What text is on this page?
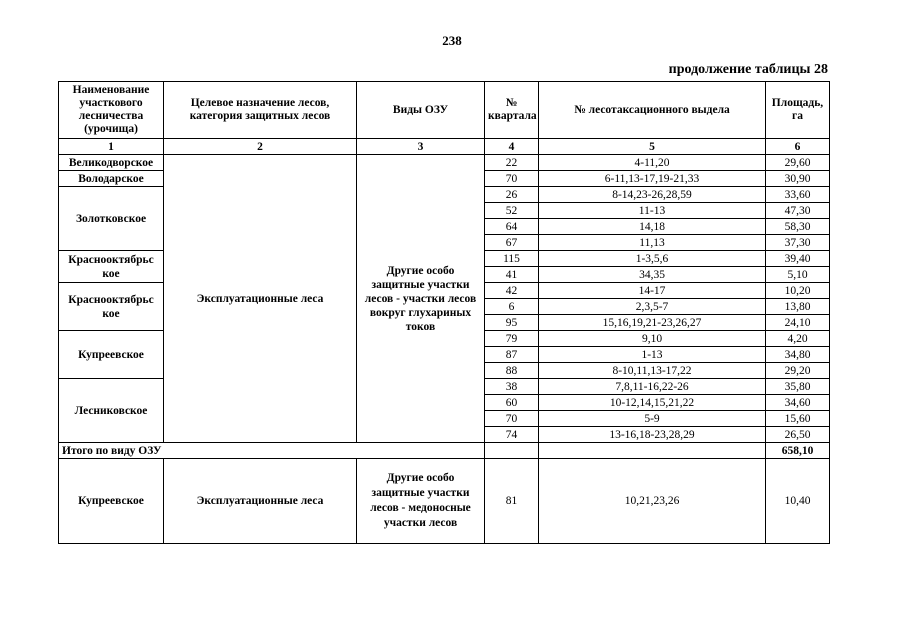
238
продолжение таблицы 28
Наименование участкового лесничества (урочища)	Целевое назначение лесов, категория защитных лесов	Виды ОЗУ	№ квартала	№ лесотаксационного выдела	Площадь, га
1	2	3	4	5	6
Великодворское	Эксплуатационные леса	Другие особо защитные участки лесов - участки лесов вокруг глухариных токов	22	4-11,20	29,60
Володарское			70	6-11,13-17,19-21,33	30,90
Золотковское			26	8-14,23-26,28,59	33,60
			52	11-13	47,30
			64	14,18	58,30
			67	11,13	37,30
Краснооктябрьс кое			115	1-3,5,6	39,40
			41	34,35	5,10
Краснооктябрьс кое			42	14-17	10,20
			6	2,3,5-7	13,80
			95	15,16,19,21-23,26,27	24,10
Купреевское			79	9,10	4,20
			87	1-13	34,80
			88	8-10,11,13-17,22	29,20
Лесниковское			38	7,8,11-16,22-26	35,80
			60	10-12,14,15,21,22	34,60
			70	5-9	15,60
			74	13-16,18-23,28,29	26,50
Итого по виду ОЗУ					658,10
Купреевское	Эксплуатационные леса	Другие особо защитные участки лесов - медоносные участки лесов	81	10,21,23,26	10,40
